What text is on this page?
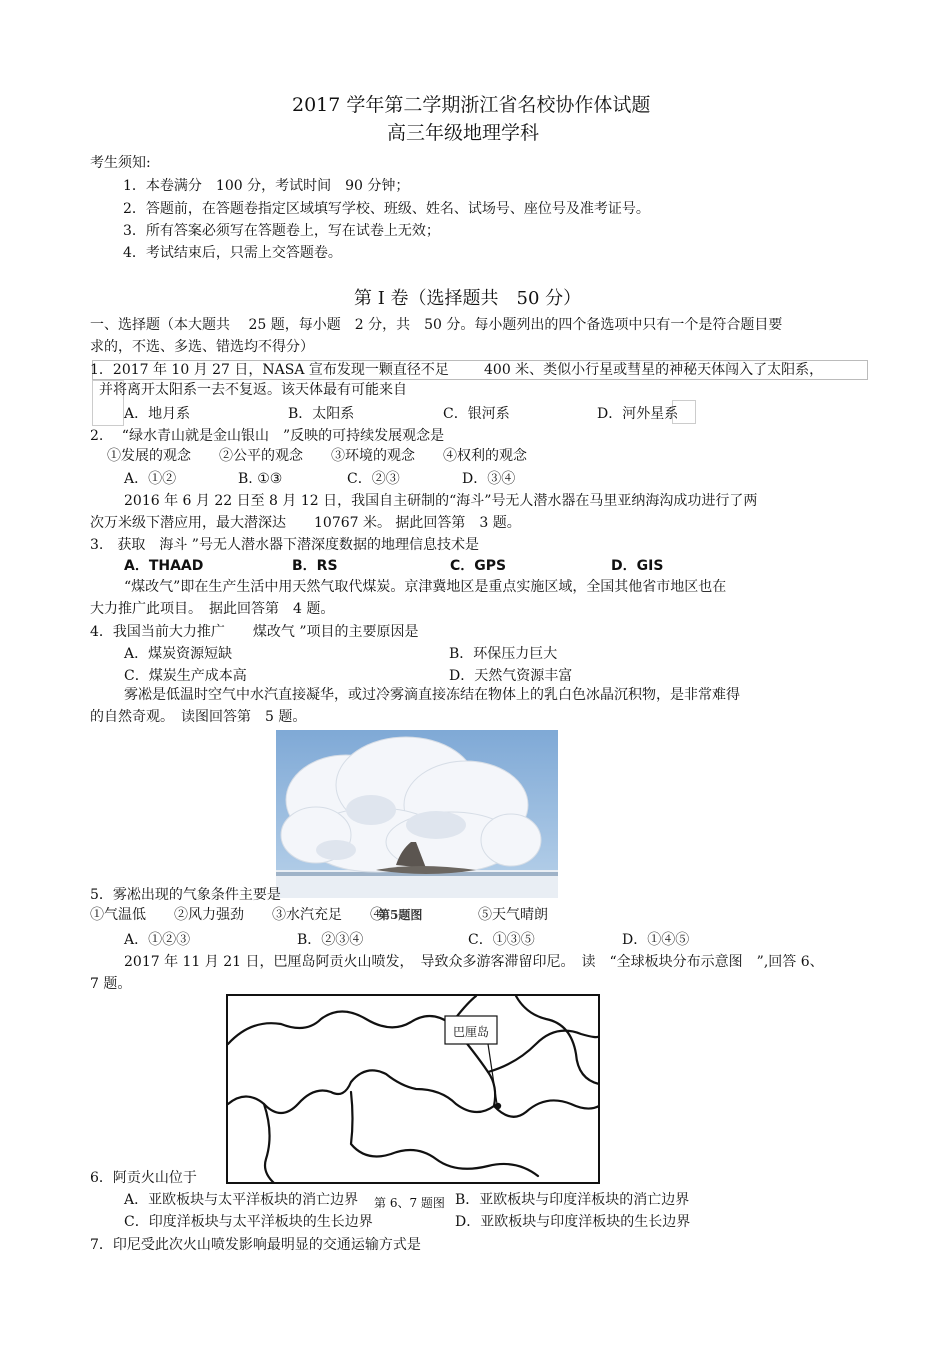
2017 学年第二学期浙江省名校协作体试题
高三年级地理学科
考生须知:
1．本卷满分　100 分，考试时间　90 分钟；
2．答题前，在答题卷指定区域填写学校、班级、姓名、试场号、座位号及准考证号。
3．所有答案必须写在答题卷上，写在试卷上无效；
4．考试结束后，只需上交答题卷。
第 I 卷（选择题共　50 分）
一、选择题（本大题共　 25 题，每小题　2 分，共　50 分。每小题列出的四个备选项中只有一个是符合题目要
求的，不选、多选、错选均不得分）
1．2017 年 10 月 27 日，NASA 宣布发现一颗直径不足	400 米、类似小行星或彗星的神秘天体闯入了太阳系，
并将离开太阳系一去不复返。该天体最有可能来自
A．地月系	B．太阳系	C．银河系	D．河外星系
2.　 “绿水青山就是金山银山　”反映的可持续发展观念是
①发展的观念　　②公平的观念　　③环境的观念　　④权利的观念
A．①②	B. ①③	C．②③	D．③④
2016 年 6 月 22 日至 8 月 12 日，我国自主研制的“海斗”号无人潜水器在马里亚纳海沟成功进行了两
次万米级下潜应用，最大潜深达　　10767 米。 据此回答第　3 题。
3.　获取　海斗 ”号无人潜水器下潜深度数据的地理信息技术是
A．THAAD	B．RS	C．GPS	D．GIS
“煤改气”即在生产生活中用天然气取代煤炭。京津冀地区是重点实施区域，全国其他省市地区也在
大力推广此项目。　据此回答第　4 题。
4．我国当前大力推广　　煤改气 ”项目的主要原因是
A．煤炭资源短缺	B．环保压力巨大
C．煤炭生产成本高	D．天然气资源丰富
雾凇是低温时空气中水汽直接凝华，或过冷雾滴直接冻结在物体上的乳白色冰晶沉积物，是非常难得
的自然奇观。　读图回答第　5 题。
5．雾凇出现的气象条件主要是
①气温低　　②风力强劲　　③水汽充足　　④
第5题图	⑤天气晴朗
A．①②③	B．②③④	C．①③⑤	D．①④⑤
2017 年 11 月 21 日，巴厘岛阿贡火山喷发，　导致众多游客滞留印尼。　读　“全球板块分布示意图　”,回答 6、
7 题。
巴厘岛
6．阿贡火山位于
A．亚欧板块与太平洋板块的消亡边界 第 6、7 题图 B．亚欧板块与印度洋板块的消亡边界
C．印度洋板块与太平洋板块的生长边界	D．亚欧板块与印度洋板块的生长边界
7．印尼受此次火山喷发影响最明显的交通运输方式是
